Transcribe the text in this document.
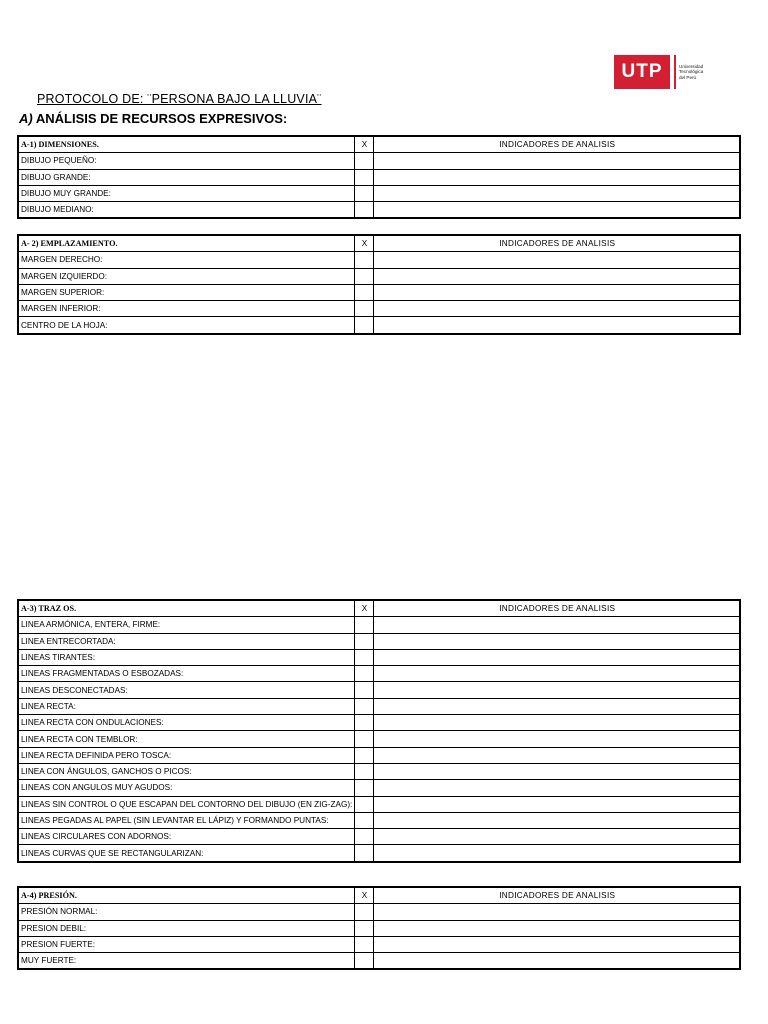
UTP	Universidad
Tecnológica
del Perú
PROTOCOLO DE: ¨PERSONA BAJO LA LLUVIA¨
A) ANÁLISIS DE RECURSOS EXPRESIVOS:
A-1) DIMENSIONES.	X	INDICADORES DE ANALISIS
DIBUJO PEQUEÑO:		
DIBUJO GRANDE:		
DIBUJO MUY GRANDE:		
DIBUJO MEDIANO:		
A- 2) EMPLAZAMIENTO.	X	INDICADORES DE ANALISIS
MARGEN DERECHO:		
MARGEN IZQUIERDO:		
MARGEN SUPERIOR:		
MARGEN INFERIOR:		
CENTRO DE LA HOJA:		
A-3) TRAZ OS.	X	INDICADORES DE ANALISIS
LINEA ARMÓNICA, ENTERA, FIRME:		
LINEA ENTRECORTADA:		
LINEAS TIRANTES:		
LINEAS FRAGMENTADAS O ESBOZADAS:		
LINEAS DESCONECTADAS:		
LINEA RECTA:		
LINEA RECTA CON ONDULACIONES:		
LINEA RECTA CON TEMBLOR:		
LINEA RECTA DEFINIDA PERO TOSCA:		
LINEA CON ÁNGULOS, GANCHOS O PICOS:		
LINEAS CON ANGULOS MUY AGUDOS:		
LINEAS SIN CONTROL O QUE ESCAPAN DEL CONTORNO DEL DIBUJO (EN ZIG-ZAG):		
LINEAS PEGADAS AL PAPEL (SIN LEVANTAR EL LÁPIZ) Y FORMANDO PUNTAS:		
LINEAS CIRCULARES CON ADORNOS:		
LINEAS CURVAS QUE SE RECTANGULARIZAN:		
A-4) PRESIÓN.	X	INDICADORES DE ANALISIS
PRESIÓN NORMAL:		
PRESION DEBIL:		
PRESION FUERTE:		
MUY FUERTE:		
